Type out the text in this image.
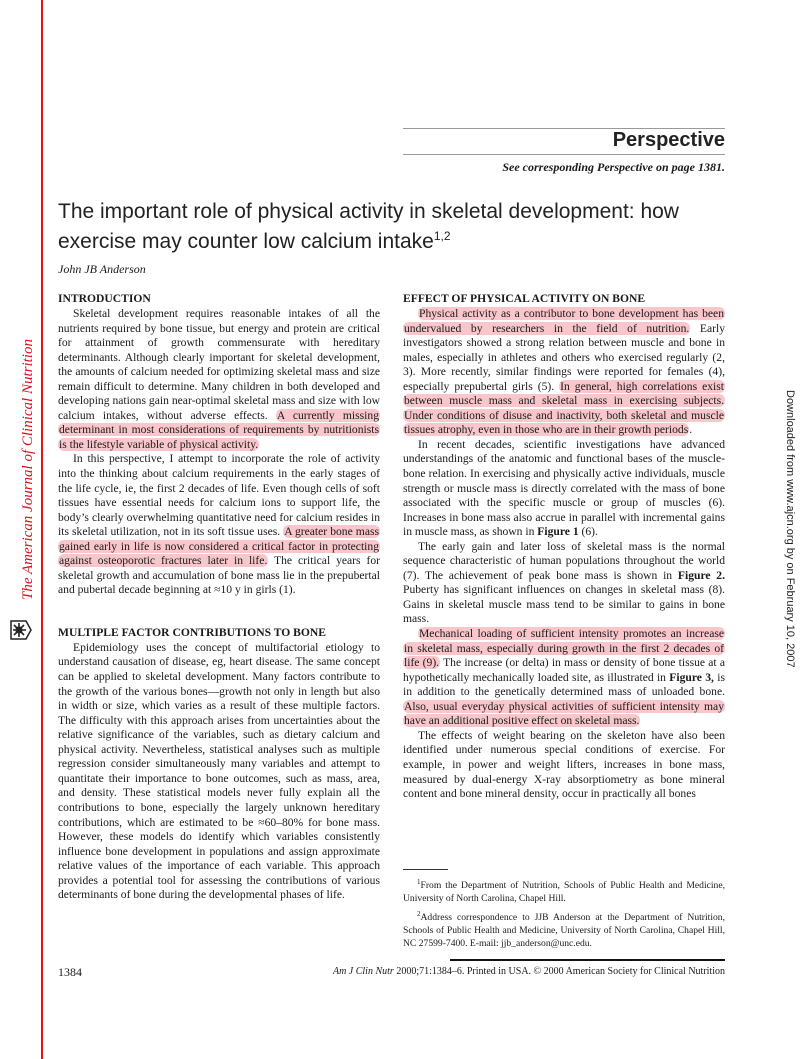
The American Journal of Clinical Nutrition	Downloaded from www.ajcn.org by on February 10, 2007
Perspective
See corresponding Perspective on page 1381.
The important role of physical activity in skeletal development: how exercise may counter low calcium intake$^{1,2}$
John JB Anderson
INTRODUCTION

Skeletal development requires reasonable intakes of all the nutrients required by bone tissue, but energy and protein are critical for attainment of growth commensurate with hereditary determinants. Although clearly important for skeletal development, the amounts of calcium needed for optimizing skeletal mass and size remain difficult to determine. Many children in both developed and developing nations gain near-optimal skeletal mass and size with low calcium intakes, without adverse effects. A currently missing determinant in most considerations of requirements by nutritionists is the lifestyle variable of physical activity.

In this perspective, I attempt to incorporate the role of activity into the thinking about calcium requirements in the early stages of the life cycle, ie, the first 2 decades of life. Even though cells of soft tissues have essential needs for calcium ions to support life, the body’s clearly overwhelming quantitative need for calcium resides in its skeletal utilization, not in its soft tissue uses. A greater bone mass gained early in life is now considered a critical factor in protecting against osteoporotic fractures later in life. The critical years for skeletal growth and accumulation of bone mass lie in the prepubertal and pubertal decade beginning at ≈10 y in girls (1).

MULTIPLE FACTOR CONTRIBUTIONS TO BONE

Epidemiology uses the concept of multifactorial etiology to understand causation of disease, eg, heart disease. The same concept can be applied to skeletal development. Many factors contribute to the growth of the various bones—growth not only in length but also in width or size, which varies as a result of these multiple factors. The difficulty with this approach arises from uncertainties about the relative significance of the variables, such as dietary calcium and physical activity. Nevertheless, statistical analyses such as multiple regression consider simultaneously many variables and attempt to quantitate their importance to bone outcomes, such as mass, area, and density. These statistical models never fully explain all the contributions to bone, especially the largely unknown hereditary contributions, which are estimated to be ≈60–80% for bone mass. However, these models do identify which variables consistently influence bone development in populations and assign approximate relative values of the importance of each variable. This approach provides a potential tool for assessing the contributions of various determinants of bone during the developmental phases of life.

EFFECT OF PHYSICAL ACTIVITY ON BONE

Physical activity as a contributor to bone development has been undervalued by researchers in the field of nutrition. Early investigators showed a strong relation between muscle and bone in males, especially in athletes and others who exercised regularly (2, 3). More recently, similar findings were reported for females (4), especially prepubertal girls (5). In general, high correlations exist between muscle mass and skeletal mass in exercising subjects. Under conditions of disuse and inactivity, both skeletal and muscle tissues atrophy, even in those who are in their growth periods.

In recent decades, scientific investigations have advanced understandings of the anatomic and functional bases of the muscle-bone relation. In exercising and physically active individuals, muscle strength or muscle mass is directly correlated with the mass of bone associated with the specific muscle or group of muscles (6). Increases in bone mass also accrue in parallel with incremental gains in muscle mass, as shown in Figure 1 (6).

The early gain and later loss of skeletal mass is the normal sequence characteristic of human populations throughout the world (7). The achievement of peak bone mass is shown in Figure 2. Puberty has significant influences on changes in skeletal mass (8). Gains in skeletal muscle mass tend to be similar to gains in bone mass.

Mechanical loading of sufficient intensity promotes an increase in skeletal mass, especially during growth in the first 2 decades of life (9). The increase (or delta) in mass or density of bone tissue at a hypothetically mechanically loaded site, as illustrated in Figure 3, is in addition to the genetically determined mass of unloaded bone. Also, usual everyday physical activities of sufficient intensity may have an additional positive effect on skeletal mass.

The effects of weight bearing on the skeleton have also been identified under numerous special conditions of exercise. For example, in power and weight lifters, increases in bone mass, measured by dual-energy X-ray absorptiometry as bone mineral content and bone mineral density, occur in practically all bones

$^1$From the Department of Nutrition, Schools of Public Health and Medicine, University of North Carolina, Chapel Hill.

$^2$Address correspondence to JJB Anderson at the Department of Nutrition, Schools of Public Health and Medicine, University of North Carolina, Chapel Hill, NC 27599-7400. E-mail: jjb_anderson@unc.edu.

1384	Am J Clin Nutr 2000;71:1384–6. Printed in USA. © 2000 American Society for Clinical Nutrition
